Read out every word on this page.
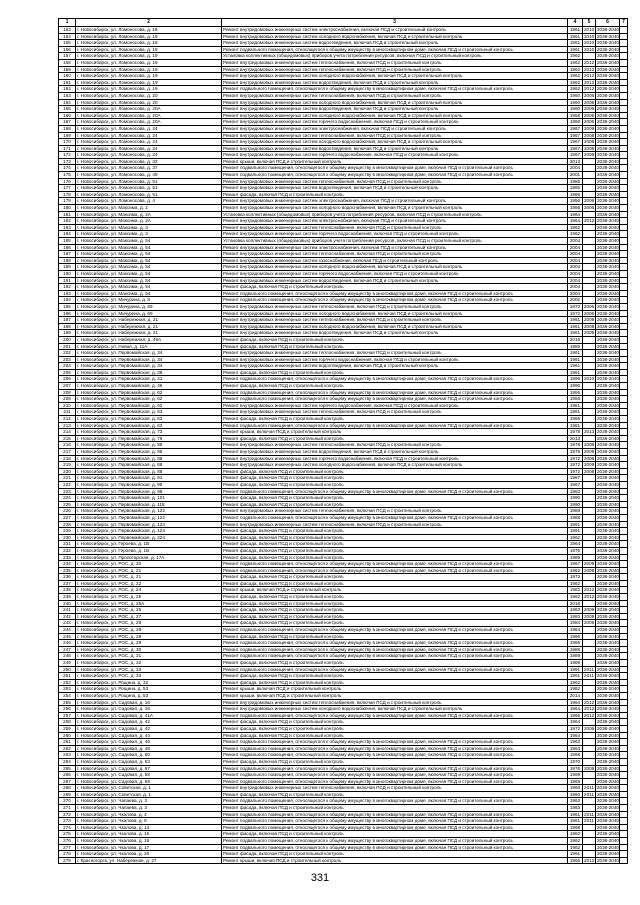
1	2	3	4	5	6	7
153	г. Новосибирск, ул. Ломоносова, д. 18	Ремонт внутридомовых инженерных систем электроснабжения, включая ПСД и строительный контроль	1961	2010	2038-2040	
154	г. Новосибирск, ул. Ломоносова, д. 18	Ремонт внутридомовых инженерных систем холодного водоснабжения, включая ПСД и строительный контроль	1961	2010	2038-2040	
155	г. Новосибирск, ул. Ломоносова, д. 18	Ремонт внутридомовых инженерных систем водоотведения, включая ПСД и строительный контроль	1961	2010	2038-2040	
156	г. Новосибирск, ул. Ломоносова, д. 18	Ремонт подвального помещения, относящегося к общему имуществу в многоквартирном доме, включая ПСД и строительный контроль	1961	2010	2038-2040	
157	г. Новосибирск, ул. Ломоносова, д. 19	Установка коллективных (общедомовых) приборов учета потребления ресурсов, включая ПСД и строительный контроль	1962		2038-2040	
158	г. Новосибирск, ул. Ломоносова, д. 19	Ремонт внутридомовых инженерных систем теплоснабжения, включая ПСД и строительный контроль	1962	2012	2038-2040	
159	г. Новосибирск, ул. Ломоносова, д. 19	Ремонт внутридомовых инженерных систем теплоснабжения, включая ПСД и строительный контроль	1962	2012	2038-2040	
160	г. Новосибирск, ул. Ломоносова, д. 19	Ремонт внутридомовых инженерных систем холодного водоснабжения, включая ПСД и строительный контроль	1962	2012	2038-2040	
161	г. Новосибирск, ул. Ломоносова, д. 19	Ремонт внутридомовых инженерных систем водоотведения, включая ПСД и строительный контроль	1962	2012	2038-2040	
162	г. Новосибирск, ул. Ломоносова, д. 19	Ремонт подвального помещения, относящегося к общему имуществу в многоквартирном доме, включая ПСД и строительный контроль	1962	2012	2038-2040	
163	г. Новосибирск, ул. Ломоносова, д. 20	Ремонт внутридомовых инженерных систем теплоснабжения, включая ПСД и строительный контроль	1960	2006	2038-2040	
164	г. Новосибирск, ул. Ломоносова, д. 20	Ремонт внутридомовых инженерных систем холодного водоснабжения, включая ПСД и строительный контроль	1960	2006	2038-2040	
165	г. Новосибирск, ул. Ломоносова, д. 20А	Ремонт внутридомовых инженерных систем водоотведения, включая ПСД и строительный контроль	1960	2006	2038-2040	
166	г. Новосибирск, ул. Ломоносова, д. 20А	Ремонт внутридомовых инженерных систем холодного водоснабжения, включая ПСД и строительный контроль	1958	2006	2038-2040	
167	г. Новосибирск, ул. Ломоносова, д. 20А	Ремонт внутридомовых инженерных систем горячего водоснабжения, включая ПСД и строительный контроль	1958	2006	2038-2040	
168	г. Новосибирск, ул. Ломоносова, д. 24	Ремонт внутридомовых инженерных систем электроснабжения, включая ПСД и строительный контроль	1967	2008	2038-2040	
169	г. Новосибирск, ул. Ломоносова, д. 24	Ремонт внутридомовых инженерных систем теплоснабжения, включая ПСД и строительный контроль	1967	2008	2038-2040	
170	г. Новосибирск, ул. Ломоносова, д. 24	Ремонт внутридомовых инженерных систем холодного водоснабжения, включая ПСД и строительный контроль	1967	2008	2038-2040	
171	г. Новосибирск, ул. Ломоносова, д. 24	Ремонт внутридомовых инженерных систем водоотведения, включая ПСД и строительный контроль	1967	2008	2038-2040	
172	г. Новосибирск, ул. Ломоносова, д. 24	Ремонт внутридомовых инженерных систем горячего водоснабжения, включая ПСД и строительный контроль	1967	2008	2038-2040	
173	г. Новосибирск, ул. Ломоносова, д. 32	Ремонт крыши, включая ПСД и строительный контроль	2013		2038-2040	
174	г. Новосибирск, ул. Ломоносова, д. 37	Ремонт подвального помещения, относящегося к общему имуществу в многоквартирном доме, включая ПСД и строительный контроль	2004		2038-2040	
175	г. Новосибирск, ул. Ломоносова, д. 49	Ремонт подвального помещения, относящегося к общему имуществу в многоквартирном доме, включая ПСД и строительный контроль	2001		2038-2040	
176	г. Новосибирск, ул. Ломоносова, д. 51	Ремонт внутридомовых инженерных систем теплоснабжения, включая ПСД и строительный контроль	1986		2036-2040	
177	г. Новосибирск, ул. Ломоносова, д. 51	Ремонт внутридомовых инженерных систем водоотведения, включая ПСД и строительный контроль	1986		2038-2040	
178	г. Новосибирск, ул. Ломоносова, д. 51	Ремонт фасада, включая ПСД и строительный контроль	1986		2038-2040	
179	г. Новосибирск, ул. Ломоносова, д. 4	Ремонт внутридомовых инженерных систем электроснабжения, включая ПСД и строительный контроль	1956	2006	2038-2040	
180	г. Новосибирск, ул. Максима, д. 2	Ремонт внутридомовых инженерных систем холодного водоснабжения, включая ПСД и строительный контроль	1956	2006	2038-2040	
181	г. Новосибирск, ул. Максима, д. 2А	Установка коллективных (общедомовых) приборов учета потребления ресурсов, включая ПСД и строительный контроль	1964		2038-2040	
182	г. Новосибирск, ул. Максима, д. 2А	Ремонт внутридомовых инженерных систем электроснабжения, включая ПСД и строительный контроль	1964	2012	2038-2040	
183	г. Новосибирск, ул. Максима, д. 3	Ремонт внутридомовых инженерных систем теплоснабжения, включая ПСД и строительный контроль	1962		2038-2040	
184	г. Новосибирск, ул. Максима, д. 3	Ремонт внутридомовых инженерных систем горячего водоснабжения, включая ПСД и строительный контроль	1962		2038-2040	
185	г. Новосибирск, ул. Максима, д. 54	Установка коллективных (общедомовых) приборов учета потребления ресурсов, включая ПСД и строительный контроль	2004		2038-2040	
186	г. Новосибирск, ул. Максима, д. 54	Ремонт внутридомовых инженерных систем электроснабжения, включая ПСД и строительный контроль	2004		2038-2040	
187	г. Новосибирск, ул. Максима, д. 54	Ремонт внутридомовых инженерных систем теплоснабжения, включая ПСД и строительный контроль	2004		2038-2040	
188	г. Новосибирск, ул. Максима, д. 54	Ремонт внутридомовых инженерных систем газоснабжения, включая ПСД и строительный контроль	2004		2038-2040	
189	г. Новосибирск, ул. Максима, д. 54	Ремонт внутридомовых инженерных систем холодного водоснабжения, включая ПСД и строительный контроль	2004		2038-2040	
190	г. Новосибирск, ул. Максима, д. 54	Ремонт внутридомовых инженерных систем горячего водоснабжения, включая ПСД и строительный контроль	2004		2038-2040	
191	г. Новосибирск, ул. Максима, д. 54	Ремонт внутридомовых инженерных систем водоотведения, включая ПСД и строительный контроль	2004		2038-2040	
192	г. Новосибирск, ул. Максима, д. 54	Ремонт фасада, включая ПСД и строительный контроль	2004		2038-2040	
193	г. Новосибирск, ул. Максима, д. 54	Ремонт подвального помещения, относящегося к общему имуществу в многоквартирном доме, включая ПСД и строительный контроль	2004		2038-2040	
194	г. Новосибирск, ул. Мичурина, д. 8	Ремонт подвального помещения, относящегося к общему имуществу в многоквартирном доме, включая ПСД и строительный контроль	2002		2038-2040	
195	г. Новосибирск, ул. Мичурина, д. 69	Ремонт внутридомовых инженерных систем теплоснабжения, включая ПСД и строительный контроль	1972	2006	2038-2040	
196	г. Новосибирск, ул. Мичурина, д. 69	Ремонт внутридомовых инженерных систем холодного водоснабжения, включая ПСД и строительный контроль	1972	2006	2038-2040	
197	г. Новосибирск, ул. Набережная, д. 21	Ремонт внутридомовых инженерных систем теплоснабжения, включая ПСД и строительный контроль	1961	2009	2038-2040	
198	г. Новосибирск, ул. Набережная, д. 21	Ремонт внутридомовых инженерных систем холодного водоснабжения, включая ПСД и строительный контроль	1961	2009	2038-2040	
199	г. Новосибирск, ул. Набережная, д. 21	Ремонт внутридомовых инженерных систем водоотведения, включая ПСД и строительный контроль	1961	2009	2038-2040	
200	г. Новосибирск, ул. Набережная, д. 46А	Ремонт фасада, включая ПСД и строительный контроль	2016		2038-2040	
201	г. Новосибирск, ул. Новая, д. 11А	Ремонт фасада, включая ПСД и строительный контроль	1985		2038-2040	
202	г. Новосибирск, ул. Первомайская, д. 34	Ремонт внутридомовых инженерных систем теплоснабжения, включая ПСД и строительный контроль	1961		2038-2040	
203	г. Новосибирск, ул. Первомайская, д. 34	Ремонт внутридомовых инженерных систем горячего водоснабжения, включая ПСД и строительный контроль	1961		2038-2040	
204	г. Новосибирск, ул. Первомайская, д. 34	Ремонт внутридомовых инженерных систем водоотведения, включая ПСД и строительный контроль	1961		2038-2040	
205	г. Новосибирск, ул. Первомайская, д. 38	Ремонт фасада, включая ПСД и строительный контроль	1981		2038-2040	
206	г. Новосибирск, ул. Первомайская, д. 41	Ремонт подвального помещения, относящегося к общему имуществу в многоквартирном доме, включая ПСД и строительный контроль	1995	2010	2038-2040	
207	г. Новосибирск, ул. Первомайская, д. 46	Ремонт фасада, включая ПСД и строительный контроль	1995		2038-2040	
208	г. Новосибирск, ул. Первомайская, д. 62	Ремонт подвального помещения, относящегося к общему имуществу в многоквартирном доме, включая ПСД и строительный контроль	1956		2038-2040	
209	г. Новосибирск, ул. Первомайская, д. 62	Ремонт подвального помещения, относящегося к общему имуществу в многоквартирном доме, включая ПСД и строительный контроль	1956		2038-2040	
210	г. Новосибирск, ул. Первомайская, д. 62	Ремонт внутридомовых инженерных систем горячего водоснабжения, включая ПСД и строительный контроль	1981		2038-2040	
211	г. Новосибирск, ул. Первомайская, д. 63	Ремонт внутридомовых инженерных систем теплоснабжения, включая ПСД и строительный контроль	1981		2038-2040	
212	г. Новосибирск, ул. Первомайская, д. 63	Ремонт фасада, включая ПСД и строительный контроль	1986		2038-2040	
213	г. Новосибирск, ул. Первомайская, д. 63	Ремонт подвального помещения, относящегося к общему имуществу в многоквартирном доме, включая ПСД и строительный контроль	1981		2038-2040	
214	г. Новосибирск, ул. Первомайская, д. 73	Ремонт крыши, включая ПСД и строительный контроль	1978	2013	2038-2040	
215	г. Новосибирск, ул. Первомайская, д. 79	Ремонт фасада, включая ПСД и строительный контроль	2013		2038-2040	
216	г. Новосибирск, ул. Первомайская, д. 86	Ремонт внутридомовых инженерных систем теплоснабжения, включая ПСД и строительный контроль	1978	2008	2038-2040	
217	г. Новосибирск, ул. Первомайская, д. 86	Ремонт внутридомовых инженерных систем водоотведения, включая ПСД и строительный контроль	1978	2008	2038-2040	
218	г. Новосибирск, ул. Первомайская, д. 86	Ремонт внутридомовых инженерных систем горячего водоснабжения, включая ПСД и строительный контроль	1972	2008	2038-2040	
219	г. Новосибирск, ул. Первомайская, д. 88	Ремонт внутридомовых инженерных систем холодного водоснабжения, включая ПСД и строительный контроль	1972	2008	2038-2040	
220	г. Новосибирск, ул. Первомайская, д. 88	Ремонт фасада, включая ПСД и строительный контроль	1972	2008	2038-2040	
221	г. Новосибирск, ул. Первомайская, д. 91	Ремонт фасада, включая ПСД и строительный контроль	1967		2038-2040	
222	г. Новосибирск, ул. Первомайская, д. 95	Ремонт фасада, включая ПСД и строительный контроль	1967		2038-2040	
223	г. Новосибирск, ул. Первомайская, д. 98	Ремонт подвального помещения, относящегося к общему имуществу в многоквартирном доме, включая ПСД и строительный контроль	1983		2038-2040	
224	г. Новосибирск, ул. Первомайская, д. 101	Ремонт фасада, включая ПСД и строительный контроль	1990		2038-2040	
225	г. Новосибирск, ул. Первомайская, д. 118	Ремонт фасада, включая ПСД и строительный контроль	1990		2038-2040	
226	г. Новосибирск, ул. Первомайская, д. 122	Ремонт внутридомовых инженерных систем теплоснабжения, включая ПСД и строительный контроль	1988		2038-2040	
227	г. Новосибирск, ул. Первомайская, д. 122	Ремонт подвального помещения, относящегося к общему имуществу в многоквартирном доме, включая ПСД и строительный контроль	1988		2038-2040	
228	г. Новосибирск, ул. Первомайская, д. 124	Ремонт внутридомовых инженерных систем теплоснабжения, включая ПСД и строительный контроль	1991		2038-2040	
229	г. Новосибирск, ул. Первомайская, д. 124	Ремонт фасада, включая ПСД и строительный контроль	1991		2038-2040	
230	г. Новосибирск, ул. Первомайская, д. 224	Ремонт фасада, включая ПСД и строительный контроль	1962		2038-2040	
231	г. Новосибирск, ул. Героева, д. 1В	Ремонт фасада, включая ПСД и строительный контроль	1964		2038-2040	
232	г. Новосибирск, ул. Героева, д. 1В	Ремонт фасада, включая ПСД и строительный контроль	1975		2038-2040	
233	г. Новосибирск, ул. Пролетарская, д. 17А	Ремонт фасада, включая ПСД и строительный контроль	1989		2038-2040	
234	г. Новосибирск, ул. РОС, д. 20	Ремонт подвального помещения, относящегося к общему имуществу в многоквартирном доме, включая ПСД и строительный контроль	1967	2009	2038-2040	
235	г. Новосибирск, ул. РОС, д. 21	Ремонт подвального помещения, относящегося к общему имуществу в многоквартирном доме, включая ПСД и строительный контроль	1962	2009	2036-2040	
236	г. Новосибирск, ул. РОС, д. 21	Ремонт фасада, включая ПСД и строительный контроль	1973		2038-2040	
237	г. Новосибирск, ул. РОС, д. 22	Ремонт фасада, включая ПСД и строительный контроль	1962		2038-2040	
238	г. Новосибирск, ул. РОС, д. 24	Ремонт крыши, включая ПСД и строительный контроль	1982	2012	2038-2040	
239	г. Новосибирск, ул. РОС, д. 25	Ремонт фасада, включая ПСД и строительный контроль	1982	2012	2038-2040	
240	г. Новосибирск, ул. РОС, д. 25А	Ремонт фасада, включая ПСД и строительный контроль	2018		2038-2040	
241	г. Новосибирск, ул. РОС, д. 26	Ремонт фасада, включая ПСД и строительный контроль	1983	2009	2038-2040	
242	г. Новосибирск, ул. РОС, д. 27	Ремонт фасада, включая ПСД и строительный контроль	1983	2009	2038-2040	
243	г. Новосибирск, ул. РОС, д. 28	Ремонт фасада, включая ПСД и строительный контроль	1984	2009	2038-2040	
244	г. Новосибирск, ул. РОС, д. 28	Ремонт подвального помещения, относящегося к общему имуществу в многоквартирном доме, включая ПСД и строительный контроль	1984		2038-2040	
245	г. Новосибирск, ул. РОС, д. 29	Ремонт фасада, включая ПСД и строительный контроль	1986		2038-2040	
246	г. Новосибирск, ул. РОС, д. 29	Ремонт подвального помещения, относящегося к общему имуществу в многоквартирном доме, включая ПСД и строительный контроль	1986		2038-2040	
247	г. Новосибирск, ул. РОС, д. 30	Ремонт подвального помещения, относящегося к общему имуществу в многоквартирном доме, включая ПСД и строительный контроль	1988		2038-2040	
248	г. Новосибирск, ул. РОС, д. 31	Ремонт подвального помещения, относящегося к общему имуществу в многоквартирном доме, включая ПСД и строительный контроль	1989		2038-2040	
249	г. Новосибирск, ул. РОС, д. 32	Ремонт фасада, включая ПСД и строительный контроль	1989		2038-2040	
250	г. Новосибирск, ул. РОС, д. 33	Ремонт подвального помещения, относящегося к общему имуществу в многоквартирном доме, включая ПСД и строительный контроль	1991	2011	2038-2040	
251	г. Новосибирск, ул. РОС, д. 33	Ремонт фасада, включая ПСД и строительный контроль	1991	2011	2038-2040	
252	г. Новосибирск, ул. Рощина, д. 32	Ремонт фасада, включая ПСД и строительный контроль	1962		2038-2040	
253	г. Новосибирск, ул. Рощина, д. 53	Ремонт крыши, включая ПСД и строительный контроль	1982		2038-2040	
254	г. Новосибирск, ул. Рощина, д. 53	Ремонт крыши, включая ПСД и строительный контроль	2014		2038-2040	
255	г. Новосибирск, ул. Садовая, д. 16	Ремонт внутридомовых инженерных систем теплоснабжения, включая ПСД и строительный контроль	1964	2012	2038-2040	
256	г. Новосибирск, ул. Садовая, д. 16	Ремонт внутридомовых инженерных систем холодного водоснабжения, включая ПСД и строительный контроль	1964	2012	2038-2040	
257	г. Новосибирск, ул. Садовая, д. 41А	Ремонт подвального помещения, относящегося к общему имуществу в многоквартирном доме, включая ПСД и строительный контроль	1966	2012	2038-2040	
258	г. Новосибирск, ул. Садовая, д. 42	Ремонт фасада, включая ПСД и строительный контроль	1964		2038-2040	
259	г. Новосибирск, ул. Садовая, д. 42	Ремонт фасада, включая ПСД и строительный контроль	1972	2006	2038-2040	
260	г. Новосибирск, ул. Садовая, д. 44	Ремонт фасада, включая ПСД и строительный контроль	1964		2038-2040	
261	г. Новосибирск, ул. Садовая, д. 46	Ремонт подвального помещения, относящегося к общему имуществу в многоквартирном доме, включая ПСД и строительный контроль	1963		2038-2040	
262	г. Новосибирск, ул. Садовая, д. 48	Ремонт подвального помещения, относящегося к общему имуществу в многоквартирном доме, включая ПСД и строительный контроль	1963		2038-2040	
263	г. Новосибирск, ул. Садовая, д. 50	Ремонт подвального помещения, относящегося к общему имуществу в многоквартирном доме, включая ПСД и строительный контроль	1968		2038-2040	
264	г. Новосибирск, ул. Садовая, д. 53	Ремонт фасада, включая ПСД и строительный контроль	1970		2038-2040	
265	г. Новосибирск, ул. Садовая, д. 57	Ремонт подвального помещения, относящегося к общему имуществу в многоквартирном доме, включая ПСД и строительный контроль	1976	2008	2038-2040	
266	г. Новосибирск, ул. Садовая, д. 58	Ремонт подвального помещения, относящегося к общему имуществу в многоквартирном доме, включая ПСД и строительный контроль	1969		2038-2040	
267	г. Новосибирск, ул. Садовая, д. 59	Ремонт подвального помещения, относящегося к общему имуществу в многоквартирном доме, включая ПСД и строительный контроль	1969		2038-2040	
268	г. Новосибирск, ул. Советская, д. 1	Ремонт внутридомовых инженерных систем теплоснабжения, включая ПСД и строительный контроль	1960	2011	2038-2040	
269	г. Новосибирск, ул. Советская, д. 1	Ремонт фасада, включая ПСД и строительный контроль	1960	2011	2038-2040	
270	г. Новосибирск, ул. Чапаева, д. 3	Ремонт подвального помещения, относящегося к общему имуществу в многоквартирном доме, включая ПСД и строительный контроль	1963		2038-2040	
271	г. Новосибирск, ул. Чапаева, д. 3	Ремонт фасада, включая ПСД и строительный контроль	1983		2038-2040	
272	г. Новосибирск, ул. Чкалова, д. 4	Ремонт подвального помещения, относящегося к общему имуществу в многоквартирном доме, включая ПСД и строительный контроль	1961	2011	2038-2040	
273	г. Новосибирск, ул. Чкалова, д. 8	Ремонт подвального помещения, относящегося к общему имуществу в многоквартирном доме, включая ПСД и строительный контроль	1961	2011	2038-2040	
274	г. Новосибирск, ул. Чкалова, д. 14	Ремонт подвального помещения, относящегося к общему имуществу в многоквартирном доме, включая ПСД и строительный контроль	1998		2038-2040	
275	г. Новосибирск, ул. Чкалова, д. 15	Ремонт фасада, включая ПСД и строительный контроль	1982		2038-2040	
276	г. Новосибирск, ул. Чкалова, д. 16	Ремонт подвального помещения, относящегося к общему имуществу в многоквартирном доме, включая ПСД и строительный контроль	1962		2038-2040	
277	г. Новосибирск, ул. Чкалова, д. 17	Ремонт подвального помещения, относящегося к общему имуществу в многоквартирном доме, включая ПСД и строительный контроль	1962		2038-2040	
278	г. Новосибирск, ул. Чкалова, д. 20	Ремонт фасада, включая ПСД и строительный контроль	1991		2038-2040	
279	г. Красногорск, ул. Набережная, д. 27	Ремонт крыши, включая ПСД и строительный контроль	1966	2012	2038-2040	
331
